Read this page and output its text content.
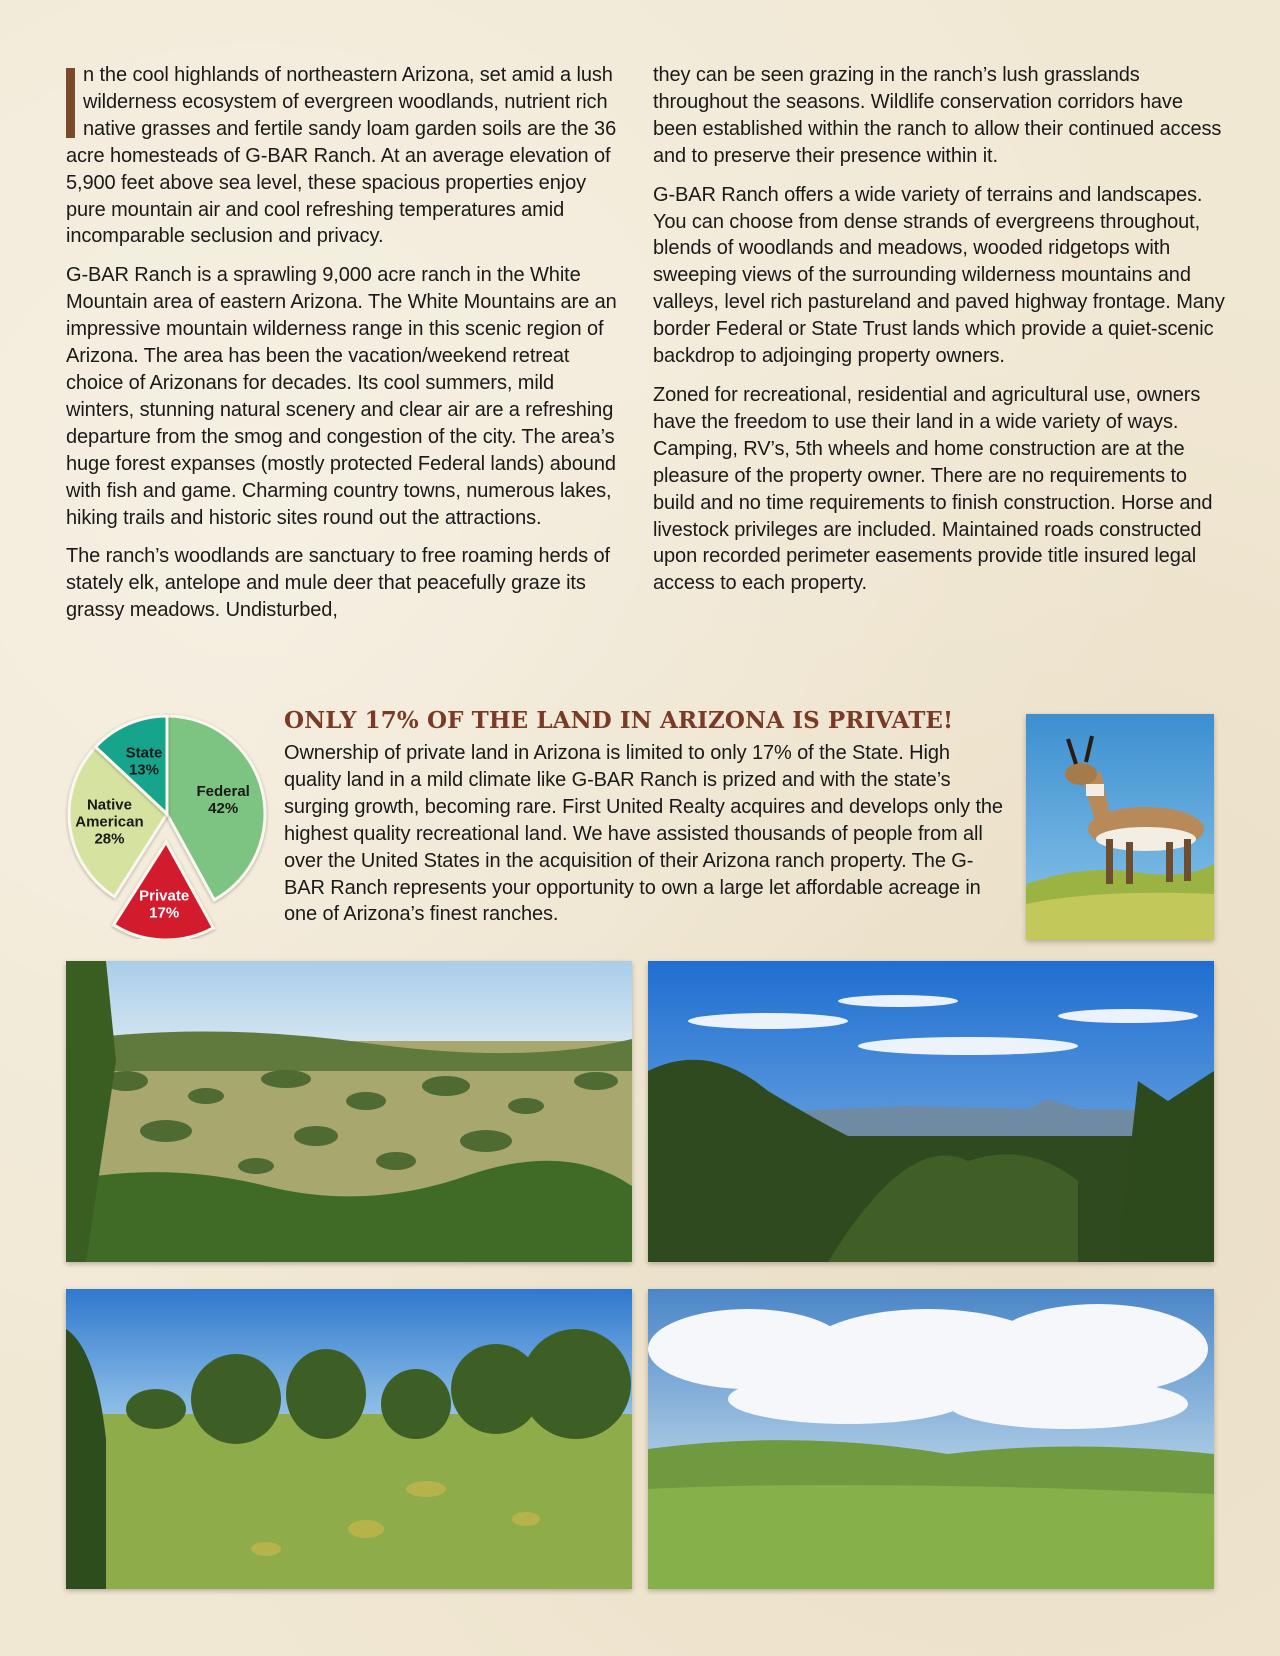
n the cool highlands of northeastern Arizona, set amid a lush wilderness ecosystem of evergreen woodlands, nutrient rich native grasses and fertile sandy loam garden soils are the 36 acre homesteads of G-BAR Ranch. At an average elevation of 5,900 feet above sea level, these spacious properties enjoy pure mountain air and cool refreshing temperatures amid incomparable seclusion and privacy.

G-BAR Ranch is a sprawling 9,000 acre ranch in the White Mountain area of eastern Arizona. The White Mountains are an impressive mountain wilderness range in this scenic region of Arizona. The area has been the vacation/weekend retreat choice of Arizonans for decades. Its cool summers, mild winters, stunning natural scenery and clear air are a refreshing departure from the smog and congestion of the city. The area’s huge forest expanses (mostly protected Federal lands) abound with fish and game. Charming country towns, numerous lakes, hiking trails and historic sites round out the attractions.

The ranch’s woodlands are sanctuary to free roaming herds of stately elk, antelope and mule deer that peacefully graze its grassy meadows. Undisturbed,

they can be seen grazing in the ranch’s lush grasslands throughout the seasons. Wildlife conservation corridors have been established within the ranch to allow their continued access and to preserve their presence within it.

G-BAR Ranch offers a wide variety of terrains and landscapes. You can choose from dense strands of evergreens throughout, blends of woodlands and meadows, wooded ridgetops with sweeping views of the surrounding wilderness mountains and valleys, level rich pastureland and paved highway frontage. Many border Federal or State Trust lands which provide a quiet-scenic backdrop to adjoinging property owners.

Zoned for recreational, residential and agricultural use, owners have the freedom to use their land in a wide variety of ways. Camping, RV’s, 5th wheels and home construction are at the pleasure of the property owner. There are no requirements to build and no time requirements to finish construction. Horse and livestock privileges are included. Maintained roads constructed upon recorded perimeter easements provide title insured legal access to each property.

Federal 42%
Private 17%
Native American 28%
State 13%
ONLY 17% OF THE LAND IN ARIZONA IS PRIVATE!

Ownership of private land in Arizona is limited to only 17% of the State. High quality land in a mild climate like G-BAR Ranch is prized and with the state’s surging growth, becoming rare. First United Realty acquires and develops only the highest quality recreational land. We have assisted thousands of people from all over the United States in the acquisition of their Arizona ranch property. The G-BAR Ranch represents your opportunity to own a large let affordable acreage in one of Arizona’s finest ranches.
